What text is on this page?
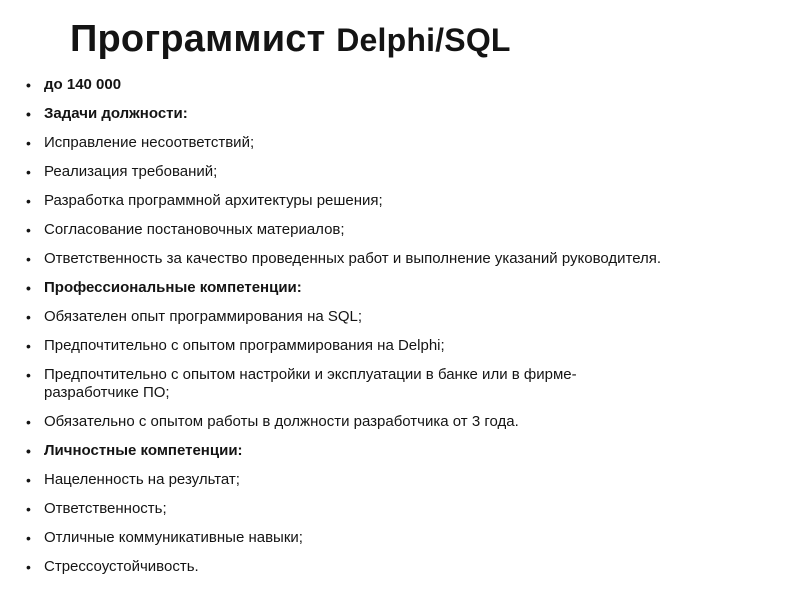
Программист Delphi/SQL
• до 140 000
• Задачи должности:
• Исправление несоответствий;
• Реализация требований;
• Разработка программной архитектуры решения;
• Согласование постановочных материалов;
• Ответственность за качество проведенных работ и выполнение указаний руководителя.
• Профессиональные компетенции:
• Обязателен опыт программирования на SQL;
• Предпочтительно с опытом программирования на Delphi;
• Предпочтительно с опытом настройки и эксплуатации в банке или в фирме-разработчике ПО;
• Обязательно с опытом работы в должности разработчика от 3 года.
• Личностные компетенции:
• Нацеленность на результат;
• Ответственность;
• Отличные коммуникативные навыки;
• Стрессоустойчивость.
